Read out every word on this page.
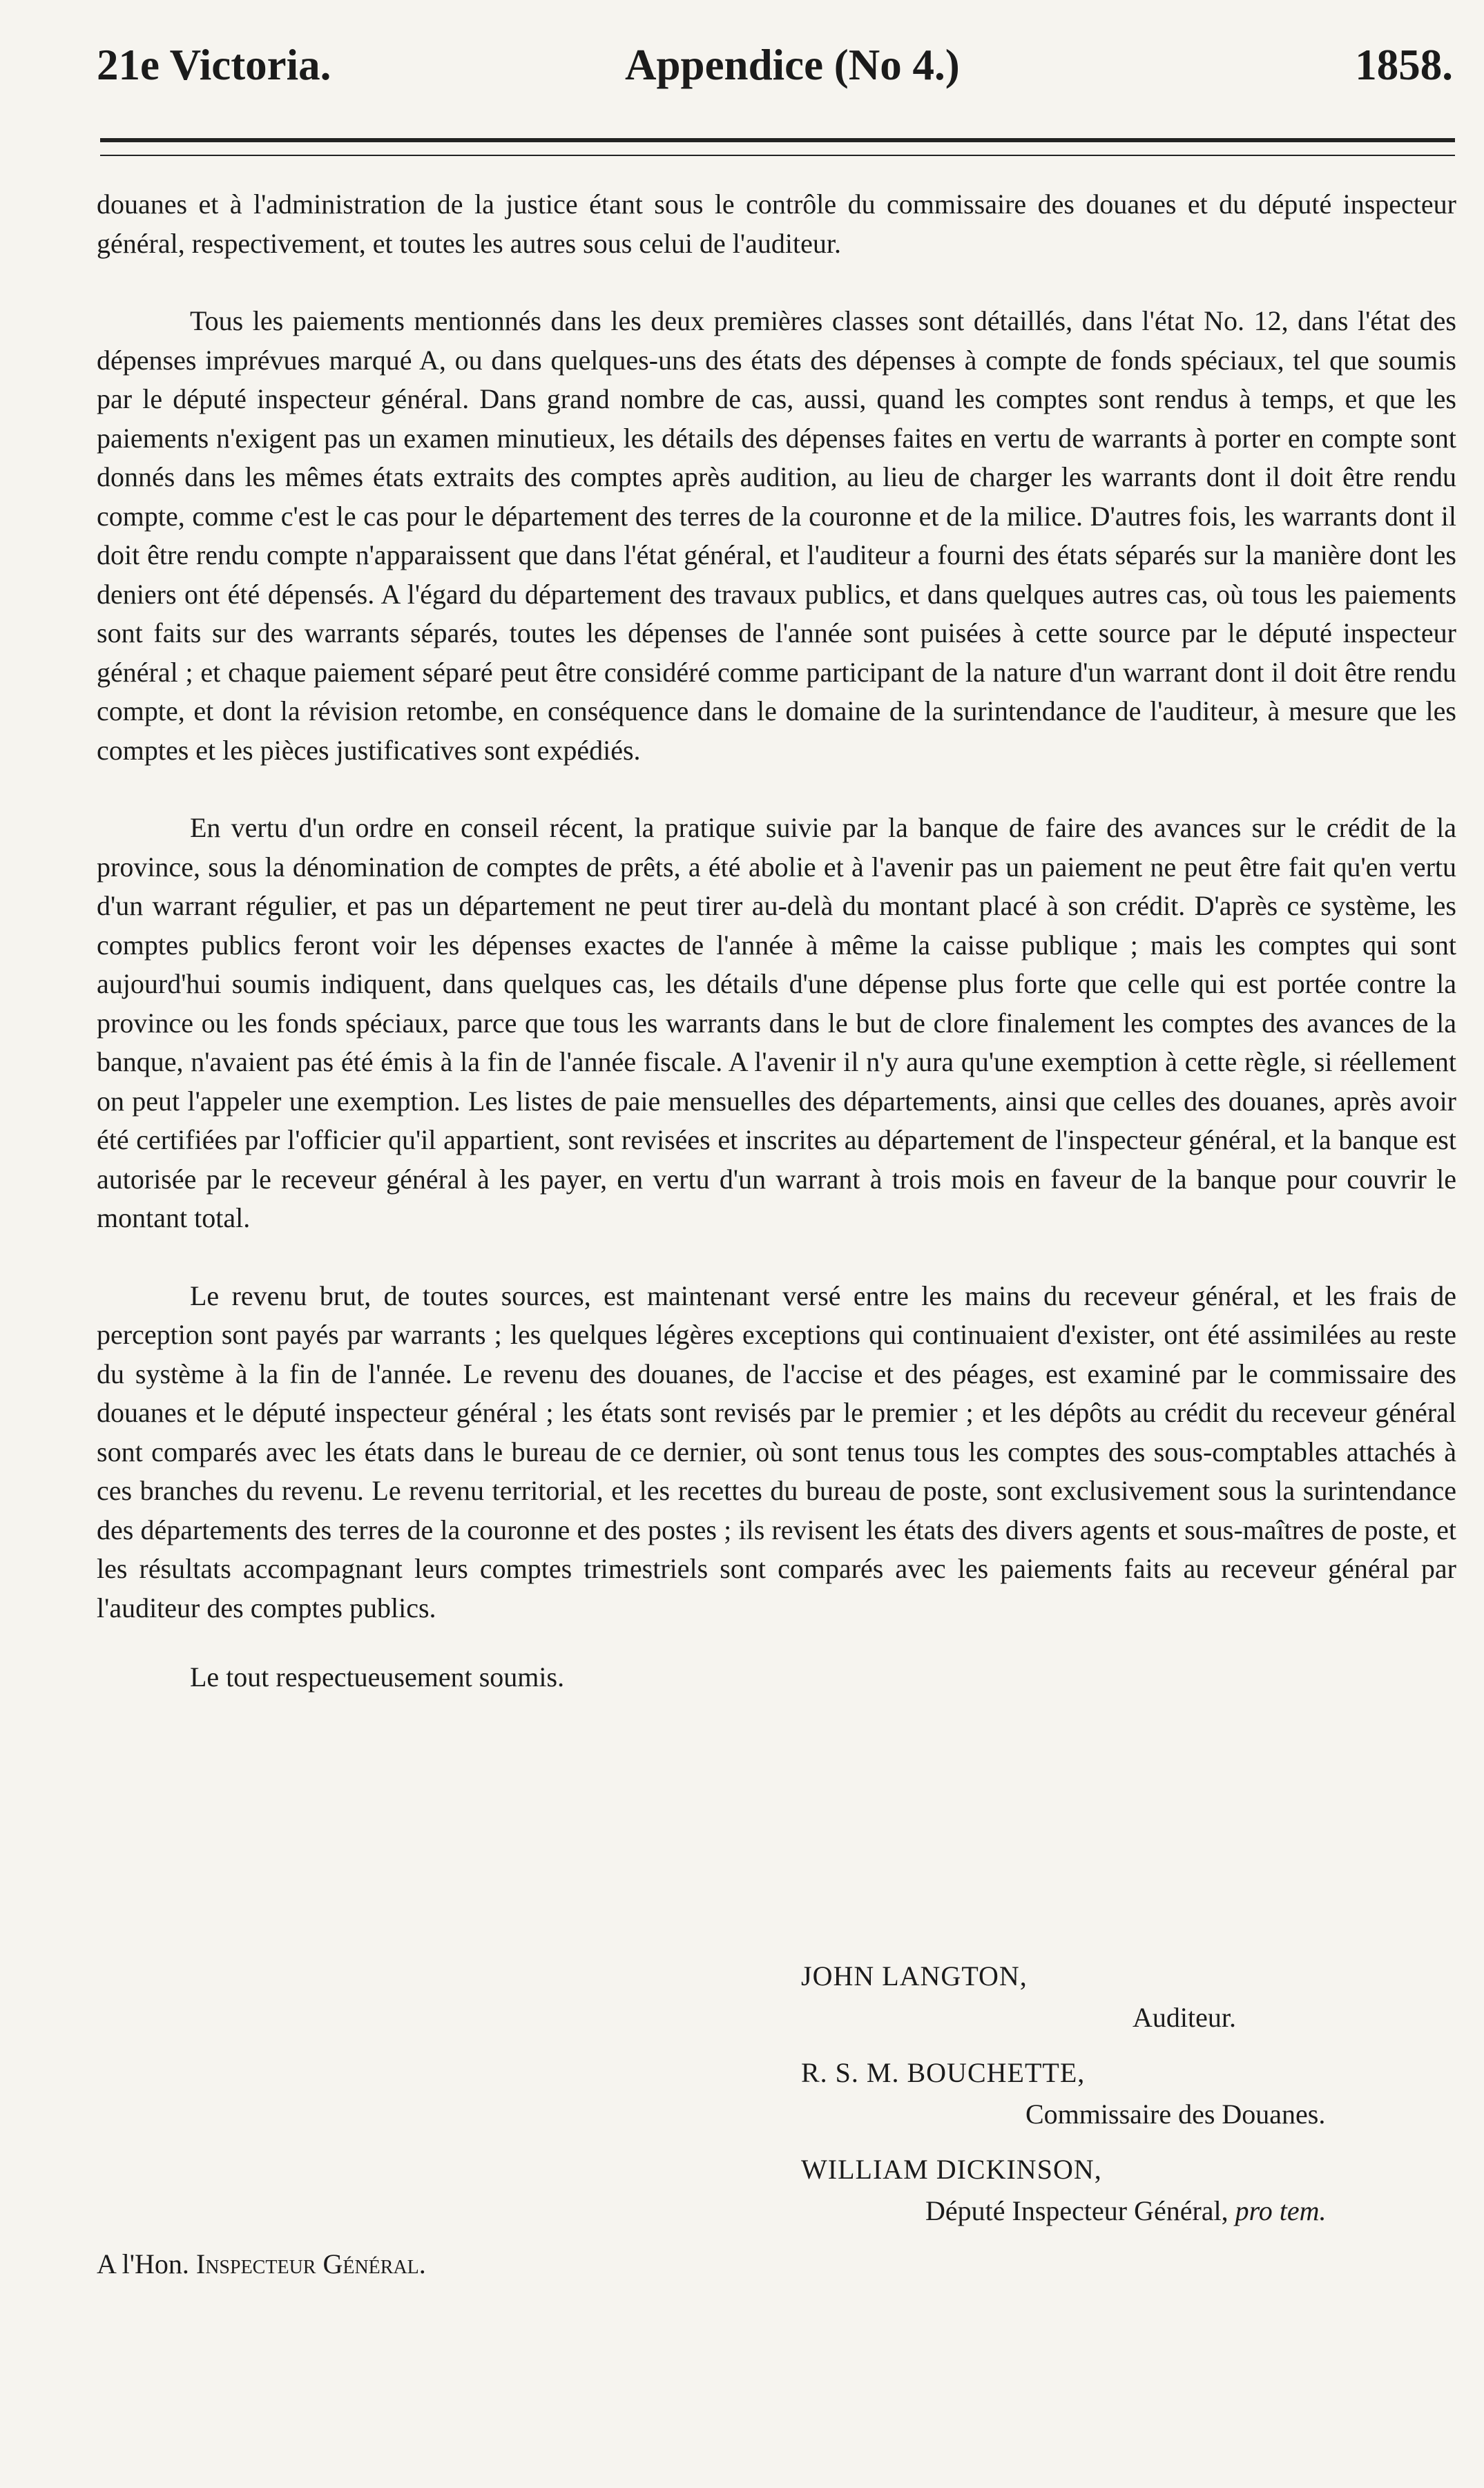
21e Victoria.	Appendice (No 4.)	1858.

douanes et à l'administration de la justice étant sous le contrôle du commissaire des douanes et du député inspecteur général, respectivement, et toutes les autres sous celui de l'auditeur.

Tous les paiements mentionnés dans les deux premières classes sont détaillés, dans l'état No. 12, dans l'état des dépenses imprévues marqué A, ou dans quelques-uns des états des dépenses à compte de fonds spéciaux, tel que soumis par le député inspecteur général. Dans grand nombre de cas, aussi, quand les comptes sont rendus à temps, et que les paiements n'exigent pas un examen minutieux, les détails des dépenses faites en vertu de warrants à porter en compte sont donnés dans les mêmes états extraits des comptes après audition, au lieu de charger les warrants dont il doit être rendu compte, comme c'est le cas pour le département des terres de la couronne et de la milice. D'autres fois, les warrants dont il doit être rendu compte n'apparaissent que dans l'état général, et l'auditeur a fourni des états séparés sur la manière dont les deniers ont été dépensés. A l'égard du département des travaux publics, et dans quelques autres cas, où tous les paiements sont faits sur des warrants séparés, toutes les dépenses de l'année sont puisées à cette source par le député inspecteur général ; et chaque paiement séparé peut être considéré comme participant de la nature d'un warrant dont il doit être rendu compte, et dont la révision retombe, en conséquence dans le domaine de la surintendance de l'auditeur, à mesure que les comptes et les pièces justificatives sont expédiés.

En vertu d'un ordre en conseil récent, la pratique suivie par la banque de faire des avances sur le crédit de la province, sous la dénomination de comptes de prêts, a été abolie et à l'avenir pas un paiement ne peut être fait qu'en vertu d'un warrant régulier, et pas un département ne peut tirer au-delà du montant placé à son crédit. D'après ce système, les comptes publics feront voir les dépenses exactes de l'année à même la caisse publique ; mais les comptes qui sont aujourd'hui soumis indiquent, dans quelques cas, les détails d'une dépense plus forte que celle qui est portée contre la province ou les fonds spéciaux, parce que tous les warrants dans le but de clore finalement les comptes des avances de la banque, n'avaient pas été émis à la fin de l'année fiscale. A l'avenir il n'y aura qu'une exemption à cette règle, si réellement on peut l'appeler une exemption. Les listes de paie mensuelles des départements, ainsi que celles des douanes, après avoir été certifiées par l'officier qu'il appartient, sont revisées et inscrites au département de l'inspecteur général, et la banque est autorisée par le receveur général à les payer, en vertu d'un warrant à trois mois en faveur de la banque pour couvrir le montant total.

Le revenu brut, de toutes sources, est maintenant versé entre les mains du receveur général, et les frais de perception sont payés par warrants ; les quelques légères exceptions qui continuaient d'exister, ont été assimilées au reste du système à la fin de l'année. Le revenu des douanes, de l'accise et des péages, est examiné par le commissaire des douanes et le député inspecteur général ; les états sont revisés par le premier ; et les dépôts au crédit du receveur général sont comparés avec les états dans le bureau de ce dernier, où sont tenus tous les comptes des sous-comptables attachés à ces branches du revenu. Le revenu territorial, et les recettes du bureau de poste, sont exclusivement sous la surintendance des départements des terres de la couronne et des postes ; ils revisent les états des divers agents et sous-maîtres de poste, et les résultats accompagnant leurs comptes trimestriels sont comparés avec les paiements faits au receveur général par l'auditeur des comptes publics.

Le tout respectueusement soumis.

JOHN LANGTON,
Auditeur.
R. S. M. BOUCHETTE,
Commissaire des Douanes.
WILLIAM DICKINSON,
Député Inspecteur Général, pro tem.
A l'Hon. Inspecteur Général.
